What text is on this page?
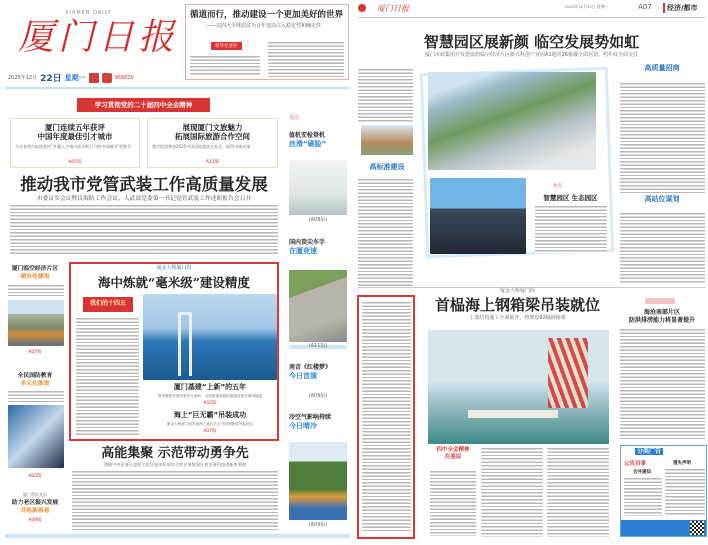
XIAMEN DAILY
厦门日报
2025年12月 22日 星期一	968820
循道而行，推动建设一个更加美好的世界
——以四大全球倡议为百年变局注入稳定性和确定性
新华社述评
学习贯彻党的二十届四中全会精神
厦门连续五年获评
中国年度最佳引才城市
今年来我市陆续获评“外籍人才眼中最具吸引力的中国城市”等称号
A05版
展现厦门文旅魅力
拓展国际旅游合作空间
我市组团参加2025中国国际旅游交易会，取得丰硕成果
A11版
推动我市党管武装工作高质量发展
市委议军会议暨议海防工作会议、人武部党委第一书记党管武装工作述职报告会召开
厦门临空经济片区
建设传捷报
A07版
全民国防教育
多元化推进
A05版
厦门帮扶龙岩
助力老区振兴发展
共绘新画卷
A09版
厦金大桥厦门段
海中炼就“毫米级”建设精度
我们的十四五
厦门基建“上新”的五年
我市聚焦发展所需民生所盼，全面加强基础设施建设提升城市能级
A02版
海上“巨无霸”吊装成功
厦金大桥厦门段首座海上液压式大节段钢箱梁吊装到位
A07版
高能集聚 示范带动勇争先
海峡中央法务区思明示范区逐步构成综合性法务集聚区和法务科技创新集聚地
关注
值机安检登机
丝滑“刷脸”
(A08版)
国内顶尖车手
在厦竞速
(A11版)
南音《红楼梦》
今日首演
(A09版)
冷空气影响持续
今日晴冷
(A09版)
厦门日报	2025年12月22日 星期一	A07	经济/都市
智慧园区展新颜 临空发展势如虹
厦门市政集团开发建设的临空经济片区新兴科创产业园A1地块26栋楼全面封顶，明年底全面交付
高标准建设
亮点
智慧园区 生态园区
高质量招商
高站位谋划
厦金大桥厦门段
首榀海上钢箱梁吊装就位
上部结构施工全面展开，将架设92榀钢箱梁
四中全会精神
在基层
海沧南部片区
防洪排涝能力将显著提升
分类广告
公告启事
合并通知
遗失声明
